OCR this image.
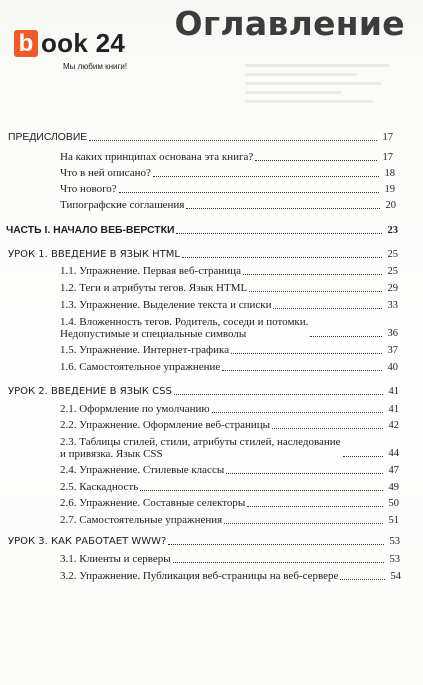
Оглавление
b ook 24
Мы любим книги!
ПРЕДИСЛОВИЕ	17
На каких принципах основана эта книга?	17
Что в ней описано?	18
Что нового?	19
Типографские соглашения	20
ЧАСТЬ I. НАЧАЛО ВЕБ-ВЕРСТКИ	23
УРОК 1. ВВЕДЕНИЕ В ЯЗЫК HTML	25
1.1. Упражнение. Первая веб-страница	25
1.2. Теги и атрибуты тегов. Язык HTML	29
1.3. Упражнение. Выделение текста и списки	33
1.4. Вложенность тегов. Родитель, соседи и потомки.
Недопустимые и специальные символы	36
1.5. Упражнение. Интернет-графика	37
1.6. Самостоятельное упражнение	40
УРОК 2. ВВЕДЕНИЕ В ЯЗЫК CSS	41
2.1. Оформление по умолчанию	41
2.2. Упражнение. Оформление веб-страницы	42
2.3. Таблицы стилей, стили, атрибуты стилей, наследование
и привязка. Язык CSS	44
2.4. Упражнение. Стилевые классы	47
2.5. Каскадность	49
2.6. Упражнение. Составные селекторы	50
2.7. Самостоятельные упражнения	51
УРОК 3. КАК РАБОТАЕТ WWW?	53
3.1. Клиенты и серверы	53
3.2. Упражнение. Публикация веб-страницы на веб-сервере	54
